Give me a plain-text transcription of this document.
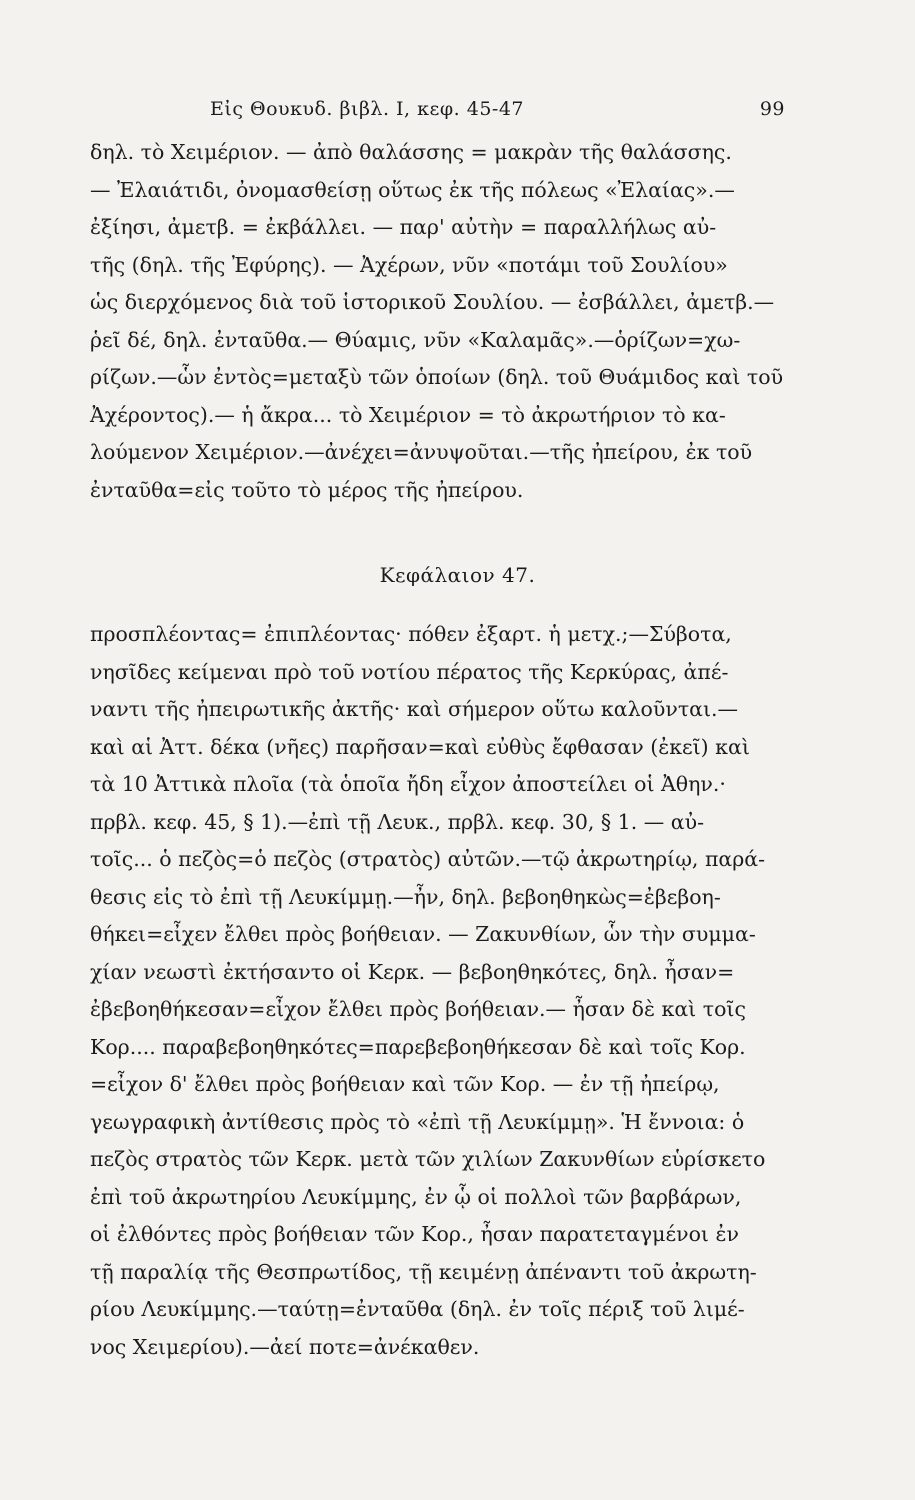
Εἰς Θουκυδ. βιβλ. Ι, κεφ. 45-47	99

δηλ. τὸ Χειμέριον. — ἀπὸ θαλάσσης = μακρὰν τῆς θαλάσσης.
— Ἐλαιάτιδι, ὀνομασθείσῃ οὕτως ἐκ τῆς πόλεως «Ἐλαίας».—
ἐξίησι, ἀμετβ. = ἐκβάλλει. — παρ' αὐτὴν = παραλλήλως αὐ-
τῆς (δηλ. τῆς Ἐφύρης). — Ἀχέρων, νῦν «ποτάμι τοῦ Σουλίου»
ὡς διερχόμενος διὰ τοῦ ἱστορικοῦ Σουλίου. — ἐσβάλλει, ἀμετβ.—
ῥεῖ δέ, δηλ. ἐνταῦθα.— Θύαμις, νῦν «Καλαμᾶς».—ὁρίζων=χω-
ρίζων.—ὧν ἐντὸς=μεταξὺ τῶν ὁποίων (δηλ. τοῦ Θυάμιδος καὶ τοῦ
Ἀχέροντος).— ἡ ἄκρα... τὸ Χειμέριον = τὸ ἀκρωτήριον τὸ κα-
λούμενον Χειμέριον.—ἀνέχει=ἀνυψοῦται.—τῆς ἠπείρου, ἐκ τοῦ
ἐνταῦθα=εἰς τοῦτο τὸ μέρος τῆς ἠπείρου.

Κεφάλαιον 47.

προσπλέοντας= ἐπιπλέοντας· πόθεν ἐξαρτ. ἡ μετχ.;—Σύβοτα,
νησῖδες κείμεναι πρὸ τοῦ νοτίου πέρατος τῆς Κερκύρας, ἀπέ-
ναντι τῆς ἠπειρωτικῆς ἀκτῆς· καὶ σήμερον οὕτω καλοῦνται.—
καὶ αἱ Ἀττ. δέκα (νῆες) παρῆσαν=καὶ εὐθὺς ἔφθασαν (ἐκεῖ) καὶ
τὰ 10 Ἀττικὰ πλοῖα (τὰ ὁποῖα ἤδη εἶχον ἀποστείλει οἱ Ἀθην.·
πρβλ. κεφ. 45, § 1).—ἐπὶ τῇ Λευκ., πρβλ. κεφ. 30, § 1. — αὐ-
τοῖς... ὁ πεζὸς=ὁ πεζὸς (στρατὸς) αὐτῶν.—τῷ ἀκρωτηρίῳ, παρά-
θεσις εἰς τὸ ἐπὶ τῇ Λευκίμμῃ.—ἦν, δηλ. βεβοηθηκὼς=ἐβεβοη-
θήκει=εἶχεν ἔλθει πρὸς βοήθειαν. — Ζακυνθίων, ὧν τὴν συμμα-
χίαν νεωστὶ ἐκτήσαντο οἱ Κερκ. — βεβοηθηκότες, δηλ. ἦσαν=
ἐβεβοηθήκεσαν=εἶχον ἔλθει πρὸς βοήθειαν.— ἦσαν δὲ καὶ τοῖς
Κορ.... παραβεβοηθηκότες=παρεβεβοηθήκεσαν δὲ καὶ τοῖς Κορ.
=εἶχον δ' ἔλθει πρὸς βοήθειαν καὶ τῶν Κορ. — ἐν τῇ ἠπείρῳ,
γεωγραφικὴ ἀντίθεσις πρὸς τὸ «ἐπὶ τῇ Λευκίμμῃ». Ἡ ἔννοια: ὁ
πεζὸς στρατὸς τῶν Κερκ. μετὰ τῶν χιλίων Ζακυνθίων εὑρίσκετο
ἐπὶ τοῦ ἀκρωτηρίου Λευκίμμης, ἐν ᾧ οἱ πολλοὶ τῶν βαρβάρων,
οἱ ἐλθόντες πρὸς βοήθειαν τῶν Κορ., ἦσαν παρατεταγμένοι ἐν
τῇ παραλίᾳ τῆς Θεσπρωτίδος, τῇ κειμένῃ ἀπέναντι τοῦ ἀκρωτη-
ρίου Λευκίμμης.—ταύτῃ=ἐνταῦθα (δηλ. ἐν τοῖς πέριξ τοῦ λιμέ-
νος Χειμερίου).—ἀεί ποτε=ἀνέκαθεν.
